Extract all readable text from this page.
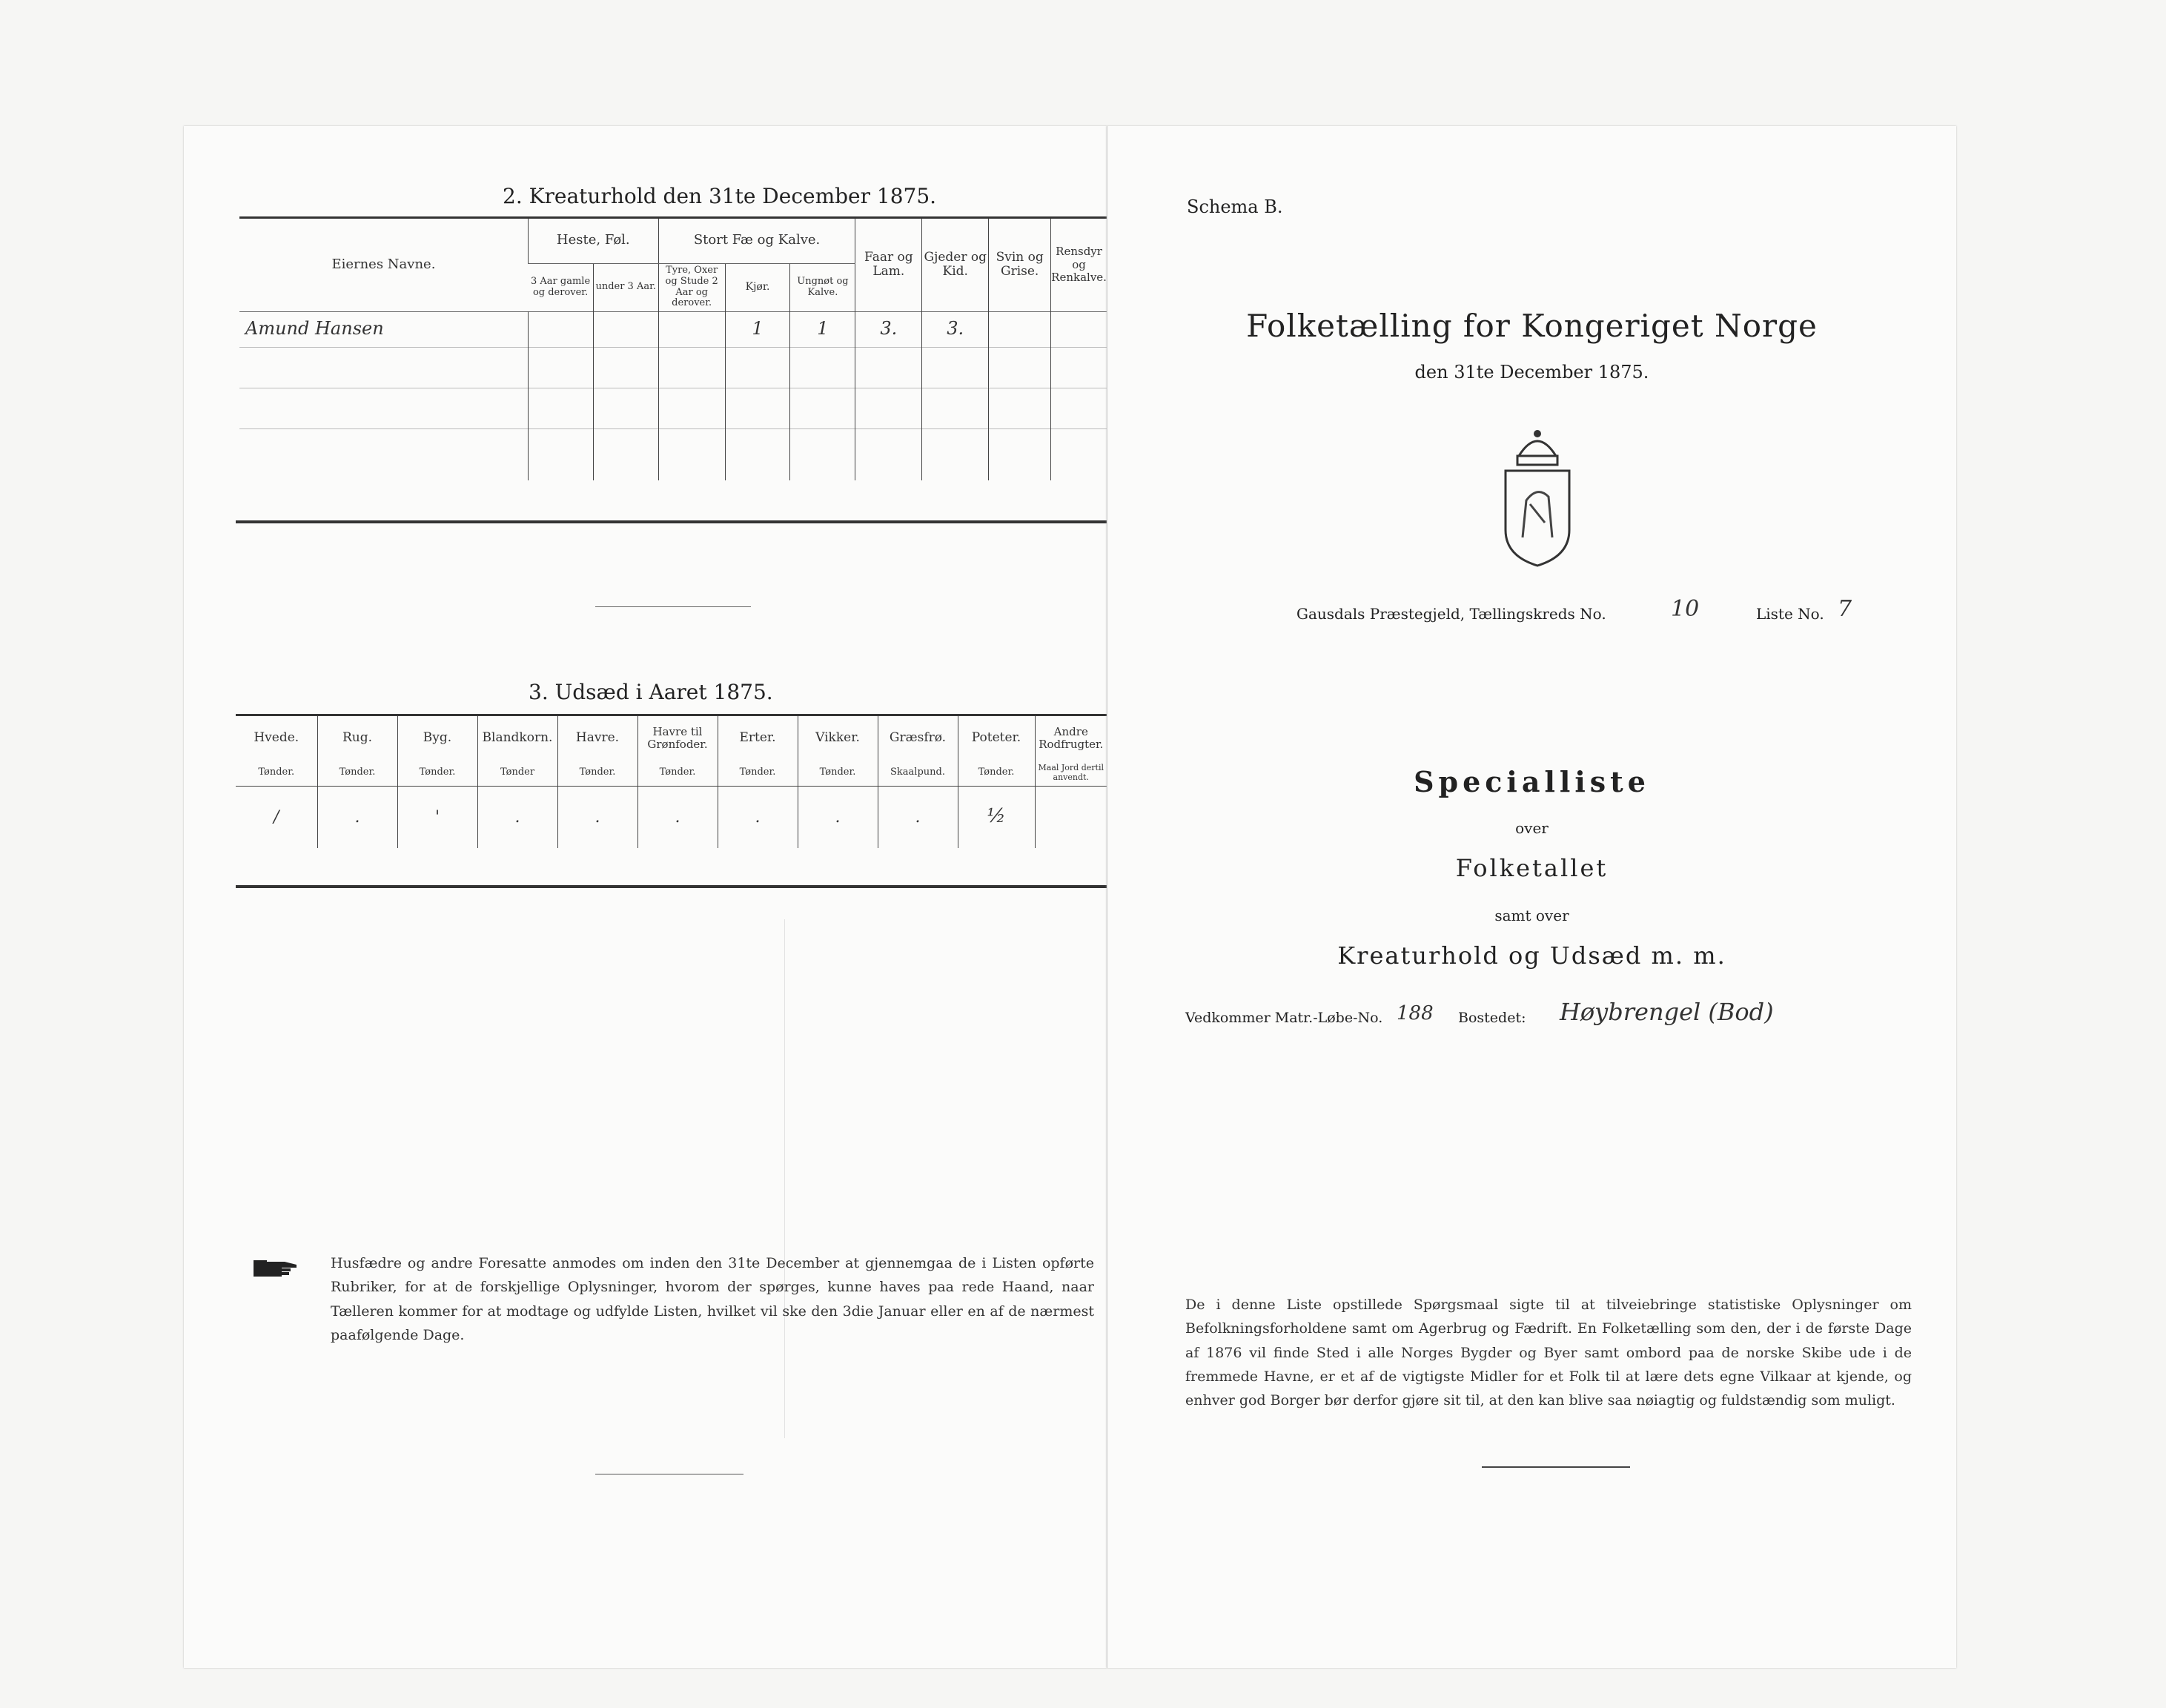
2. Kreaturhold den 31te December 1875.
Eiernes Navne.	Heste, Føl.		Stort Fæ og Kalve.			Faar og Lam.	Gjeder og Kid.	Svin og Grise.	Rensdyr og Renkalve.
	3 Aar gamle og derover.	under 3 Aar.	Tyre, Oxer og Stude 2 Aar og derover.	Kjør.	Ungnøt og Kalve.				
Amund Hansen				1	1	3.	3.		

3. Udsæd i Aaret 1875.
Hvede.	Rug.	Byg.	Blandkorn.	Havre.	Havre til Grønfoder.	Erter.	Vikker.	Græsfrø.	Poteter.	Andre Rodfrugter.
Tønder.	Tønder.	Tønder.	Tønder	Tønder.	Tønder.	Tønder.	Tønder.	Skaalpund.	Tønder.	Maal Jord dertil anvendt.
/	.	'	.	.	.	.	.	.	½	
Husfædre og andre Foresatte anmodes om inden den 31te December at gjennemgaa de i Listen opførte Rubriker, for at de forskjellige Oplysninger, hvorom der spørges, kunne haves paa rede Haand, naar Tælleren kommer for at modtage og udfylde Listen, hvilket vil ske den 3die Januar eller en af de nærmest paafølgende Dage.
Schema B.
Folketælling for Kongeriget Norge
den 31te December 1875.
Gausdals Præstegjeld, Tællingskreds No.	10	Liste No. 7
Specialliste
over
Folketallet
samt over
Kreaturhold og Udsæd m. m.
Vedkommer Matr.-Løbe-No. 188 Bostedet: Høybrengel (Bod)
De i denne Liste opstillede Spørgsmaal sigte til at tilveiebringe statistiske Oplysninger om Befolkningsforholdene samt om Agerbrug og Fædrift. En Folketælling som den, der i de første Dage af 1876 vil finde Sted i alle Norges Bygder og Byer samt ombord paa de norske Skibe ude i de fremmede Havne, er et af de vigtigste Midler for et Folk til at lære dets egne Vilkaar at kjende, og enhver god Borger bør derfor gjøre sit til, at den kan blive saa nøiagtig og fuldstændig som muligt.
